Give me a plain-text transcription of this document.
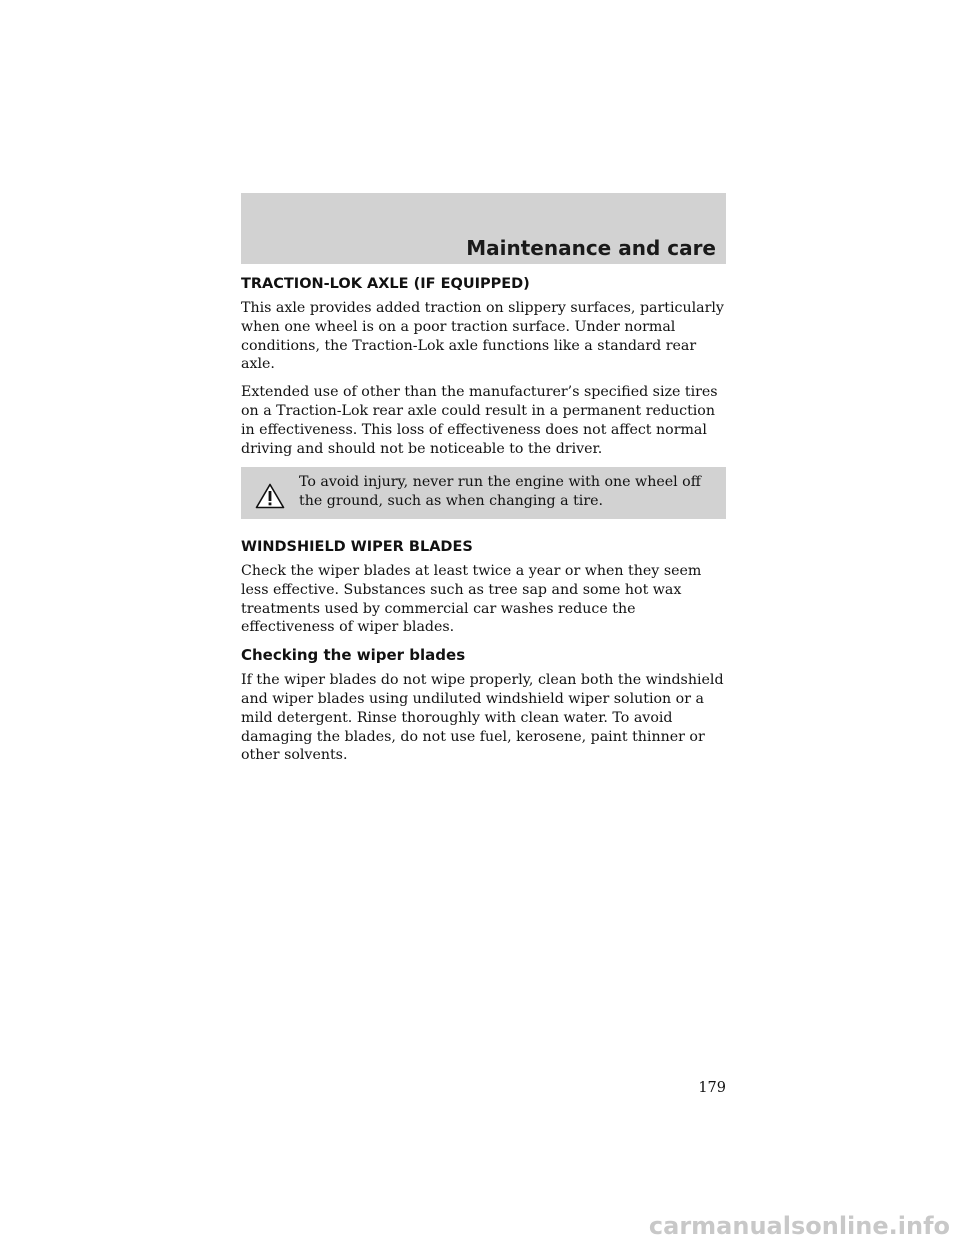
Maintenance and care
TRACTION-LOK AXLE (IF EQUIPPED)

This axle provides added traction on slippery surfaces, particularly when one wheel is on a poor traction surface. Under normal conditions, the Traction-Lok axle functions like a standard rear axle.

Extended use of other than the manufacturer’s specified size tires on a Traction-Lok rear axle could result in a permanent reduction in effectiveness. This loss of effectiveness does not affect normal driving and should not be noticeable to the driver.

To avoid injury, never run the engine with one wheel off the ground, such as when changing a tire.

WINDSHIELD WIPER BLADES

Check the wiper blades at least twice a year or when they seem less effective. Substances such as tree sap and some hot wax treatments used by commercial car washes reduce the effectiveness of wiper blades.

Checking the wiper blades

If the wiper blades do not wipe properly, clean both the windshield and wiper blades using undiluted windshield wiper solution or a mild detergent. Rinse thoroughly with clean water. To avoid damaging the blades, do not use fuel, kerosene, paint thinner or other solvents.

179
carmanualsonline.info
